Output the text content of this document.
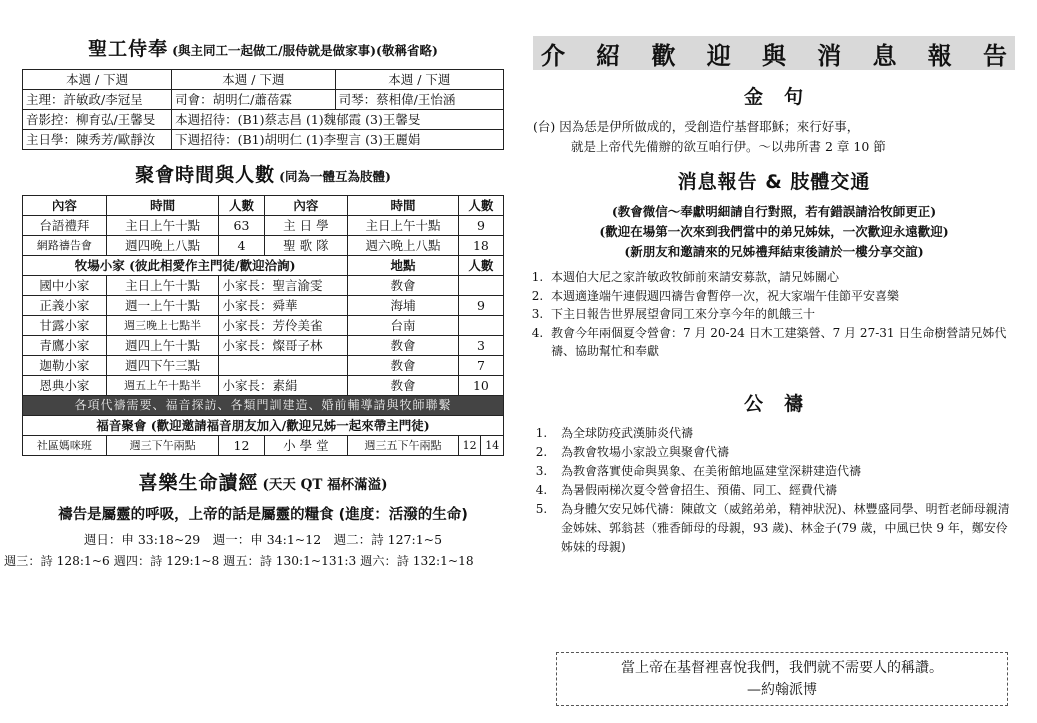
聖工侍奉 (與主同工一起做工/服侍就是做家事)(敬稱省略)
本週 / 下週	本週 / 下週	本週 / 下週
主理：許敏政/李冠呈	司會：胡明仁/蕭蓓霖	司琴：蔡相偉/王怡涵
音影控：柳育弘/王馨旻	本週招待：(B1)蔡志昌 (1)魏郁霞 (3)王馨旻	
主日學：陳秀芳/歐靜汝	下週招待：(B1)胡明仁 (1)李聖言 (3)王麗娟	
聚會時間與人數 (同為一體互為肢體)
內容	時間	人數	內容	時間	人數	
台語禮拜	主日上午十點	63	主 日 學	主日上午十點	9	
網路禱告會	週四晚上八點	4	聖 歌 隊	週六晚上八點	18	
牧場小家 (彼此相愛作主門徒/歡迎洽詢)				地點	人數	
國中小家	主日上午十點	小家長：聖言渝雯		教會		
正義小家	週一上午十點	小家長：舜華		海埔	9	
甘露小家	週三晚上七點半	小家長：芳伶美雀		台南		
青鷹小家	週四上午十點	小家長：燦哥子林		教會	3	
迦勒小家	週四下午三點			教會	7	
恩典小家	週五上午十點半	小家長：素絹		教會	10	
各項代禱需要、福音探訪、各類門訓建造、婚前輔導請與牧師聯繫						
福音聚會 (歡迎邀請福音朋友加入/歡迎兄姊一起來帶主門徒)						
社區媽咪班	週三下午兩點	12	小 學 堂	週三五下午兩點	12	14
喜樂生命讀經 (天天 QT 福杯滿溢)
禱告是屬靈的呼吸，上帝的話是屬靈的糧食 (進度：活潑的生命)
週日：申 33:18~29　週一：申 34:1~12　週二：詩 127:1~5
週三：詩 128:1~6 週四：詩 129:1~8 週五：詩 130:1~131:3 週六：詩 132:1~18
介 紹 歡 迎 與 消 息 報 告
金　句
(台) 因為恁是伊所做成的，受創造佇基督耶穌；來行好事，
就是上帝代先備辦的欲互咱行伊。～以弗所書 2 章 10 節
消息報告 & 肢體交通
(教會微信～奉獻明細請自行對照，若有錯誤請洽牧師更正)
(歡迎在場第一次來到我們當中的弟兄姊妹，一次歡迎永遠歡迎)
(新朋友和邀請來的兄姊禮拜結束後請於一樓分享交誼)
1. 本週伯大尼之家許敏政牧師前來請安募款，請兄姊關心
2. 本週適逢端午連假週四禱告會暫停一次，祝大家端午佳節平安喜樂
3. 下主日報告世界展望會同工來分享今年的飢餓三十
4. 教會今年兩個夏令營會：7 月 20-24 日木工建築營、7 月 27-31 日生命樹營請兄姊代禱、協助幫忙和奉獻
公　禱
1. 為全球防疫武漢肺炎代禱
2. 為教會牧場小家設立與聚會代禱
3. 為教會落實使命與異象、在美術館地區建堂深耕建造代禱
4. 為暑假兩梯次夏令營會招生、預備、同工、經費代禱
5. 為身體欠安兄姊代禱：陳啟文（威銘弟弟，精神狀況)、林豐盛同學、明哲老師母親清金姊妹、郭翁甚（雅香師母的母親，93 歲)、林金子(79 歲，中風已快 9 年，鄭安伶姊妹的母親)
當上帝在基督裡喜悅我們，我們就不需要人的稱讚。
—約翰派博
